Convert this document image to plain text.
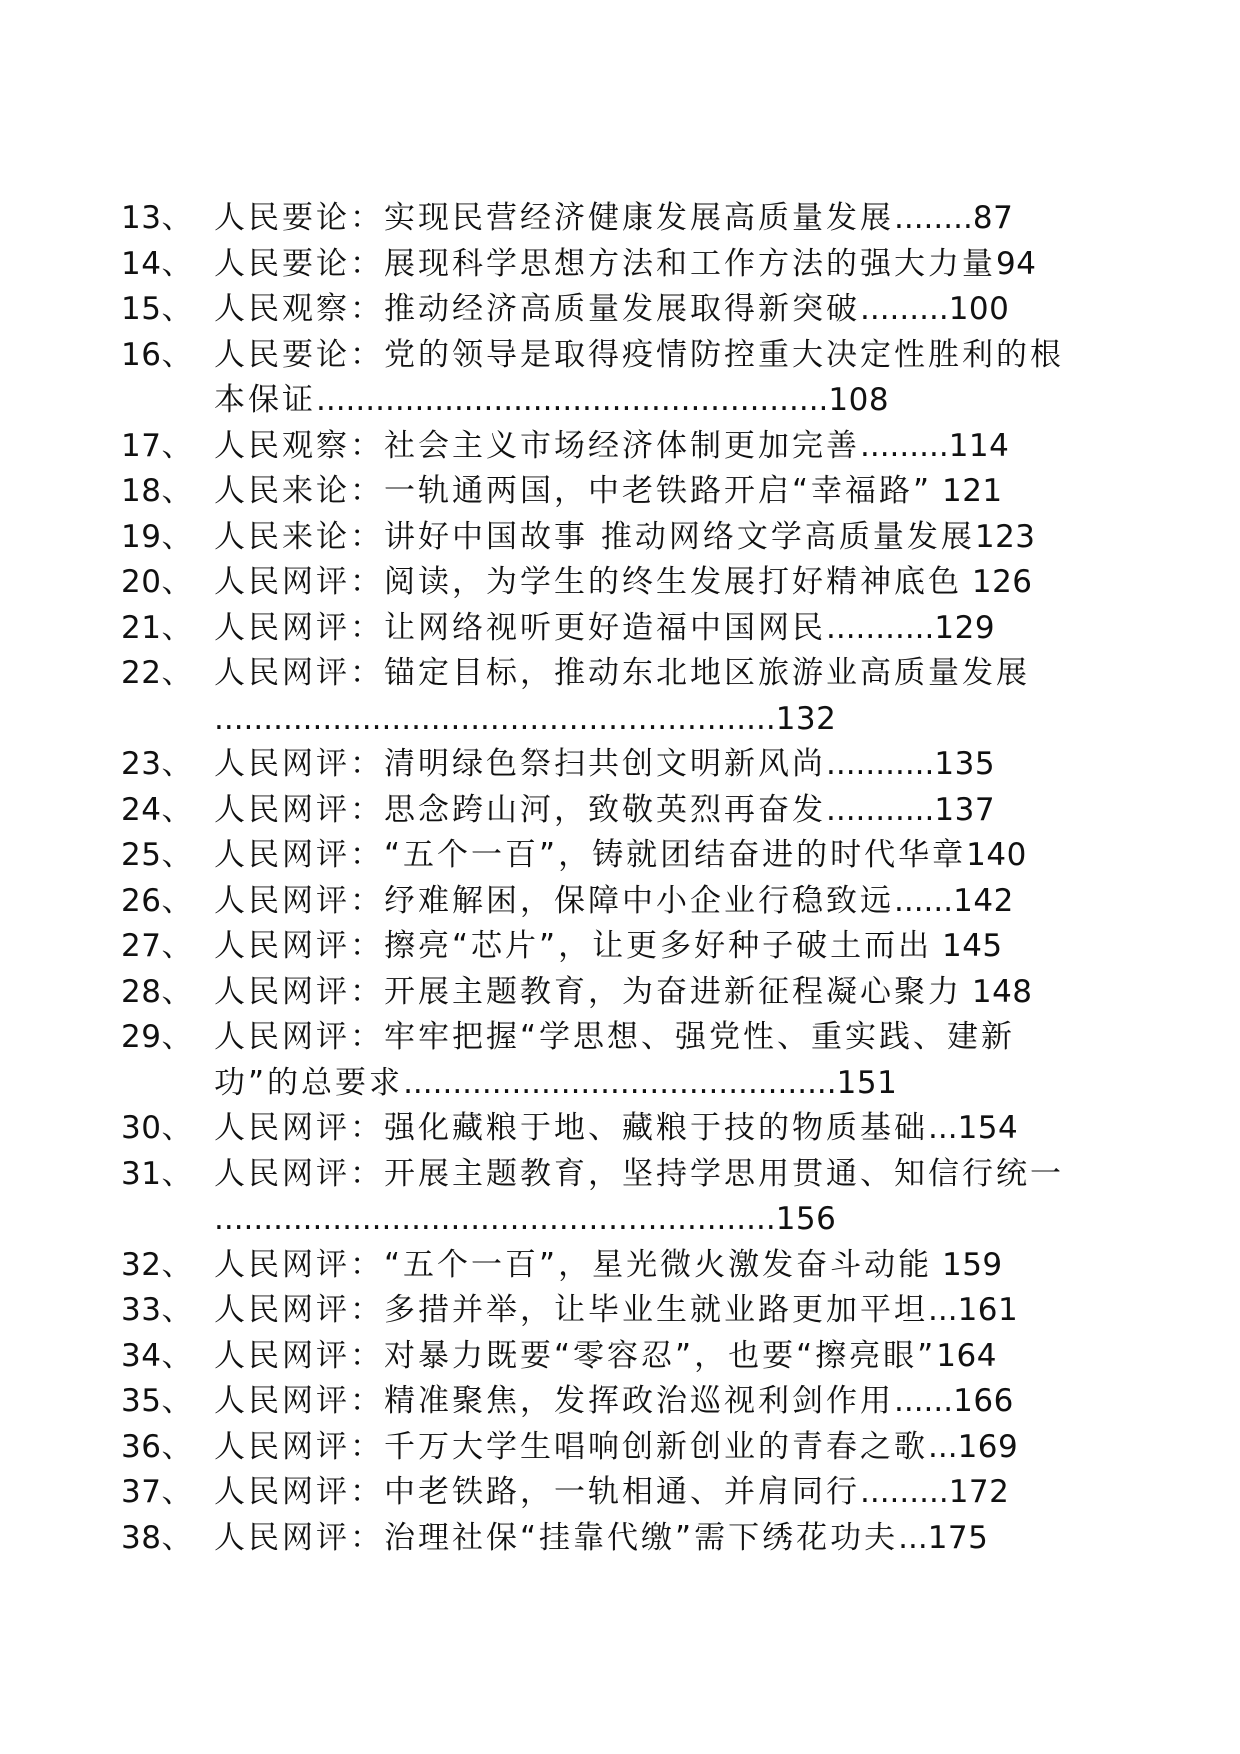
13、 人民要论：实现民营经济健康发展高质量发展........87
14、 人民要论：展现科学思想方法和工作方法的强大力量94
15、 人民观察：推动经济高质量发展取得新突破.........100
16、 人民要论：党的领导是取得疫情防控重大决定性胜利的根
本保证....................................................108
17、 人民观察：社会主义市场经济体制更加完善.........114
18、 人民来论：一轨通两国，中老铁路开启“幸福路” 121
19、 人民来论：讲好中国故事 推动网络文学高质量发展123
20、 人民网评：阅读，为学生的终生发展打好精神底色 126
21、 人民网评：让网络视听更好造福中国网民...........129
22、 人民网评：锚定目标，推动东北地区旅游业高质量发展
.........................................................132
23、 人民网评：清明绿色祭扫共创文明新风尚...........135
24、 人民网评：思念跨山河，致敬英烈再奋发...........137
25、 人民网评：“五个一百”，铸就团结奋进的时代华章140
26、 人民网评：纾难解困，保障中小企业行稳致远......142
27、 人民网评：擦亮“芯片”，让更多好种子破土而出 145
28、 人民网评：开展主题教育，为奋进新征程凝心聚力 148
29、 人民网评：牢牢把握“学思想、强党性、重实践、建新
功”的总要求............................................151
30、 人民网评：强化藏粮于地、藏粮于技的物质基础...154
31、 人民网评：开展主题教育，坚持学思用贯通、知信行统一
.........................................................156
32、 人民网评：“五个一百”，星光微火激发奋斗动能 159
33、 人民网评：多措并举，让毕业生就业路更加平坦...161
34、 人民网评：对暴力既要“零容忍”，也要“擦亮眼”164
35、 人民网评：精准聚焦，发挥政治巡视利剑作用......166
36、 人民网评：千万大学生唱响创新创业的青春之歌...169
37、 人民网评：中老铁路，一轨相通、并肩同行.........172
38、 人民网评：治理社保“挂靠代缴”需下绣花功夫...175
